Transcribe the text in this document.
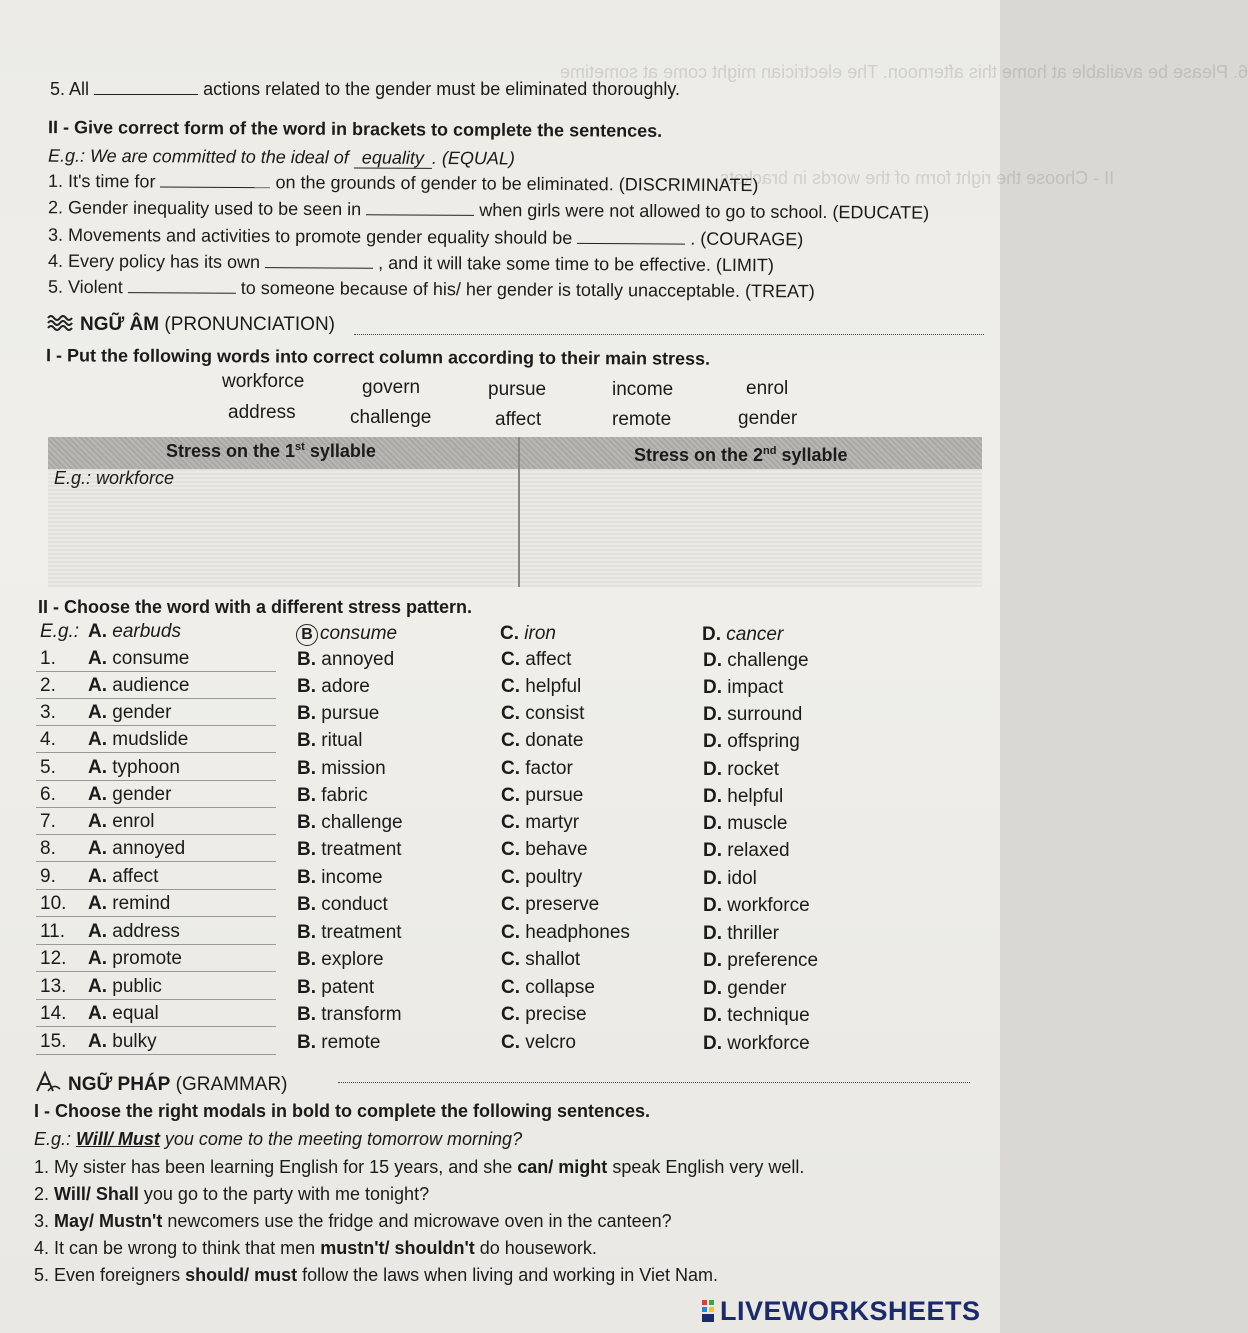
6. Please be available at home this afternoon. The electrician might come at sometime
II - Choose the right form of the words in brackets
5. All	actions related to the gender must be eliminated thoroughly.
II - Give correct form of the word in brackets to complete the sentences.
E.g.: We are committed to the ideal of equality . (EQUAL)
1. It's time for	on the grounds of gender to be eliminated. (DISCRIMINATE)
2. Gender inequality used to be seen in	when girls were not allowed to go to school. (EDUCATE)
3. Movements and activities to promote gender equality should be	. (COURAGE)
4. Every policy has its own	, and it will take some time to be effective. (LIMIT)
5. Violent	to someone because of his/ her gender is totally unacceptable. (TREAT)
NGỮ ÂM (PRONUNCIATION)
I - Put the following words into correct column according to their main stress.
workforce	govern	pursue	income	enrol
address	challenge	affect	remote	gender
Stress on the 1st syllable	Stress on the 2nd syllable
E.g.: workforce
II - Choose the word with a different stress pattern.
E.g.: A. earbuds	B consume	C. iron	D. cancer
1. A. consume	B. annoyed	C. affect	D. challenge
2. A. audience	B. adore	C. helpful	D. impact
3. A. gender	B. pursue	C. consist	D. surround
4. A. mudslide	B. ritual	C. donate	D. offspring
5. A. typhoon	B. mission	C. factor	D. rocket
6. A. gender	B. fabric	C. pursue	D. helpful
7. A. enrol	B. challenge	C. martyr	D. muscle
8. A. annoyed	B. treatment	C. behave	D. relaxed
9. A. affect	B. income	C. poultry	D. idol
10. A. remind	B. conduct	C. preserve	D. workforce
11. A. address	B. treatment	C. headphones	D. thriller
12. A. promote	B. explore	C. shallot	D. preference
13. A. public	B. patent	C. collapse	D. gender
14. A. equal	B. transform	C. precise	D. technique
15. A. bulky	B. remote	C. velcro	D. workforce
NGỮ PHÁP (GRAMMAR)
I - Choose the right modals in bold to complete the following sentences.
E.g.: Will/ Must you come to the meeting tomorrow morning?
1. My sister has been learning English for 15 years, and she can/ might speak English very well.
2. Will/ Shall you go to the party with me tonight?
3. May/ Mustn't newcomers use the fridge and microwave oven in the canteen?
4. It can be wrong to think that men mustn't/ shouldn't do housework.
5. Even foreigners should/ must follow the laws when living and working in Viet Nam.
LIVEWORKSHEETS
